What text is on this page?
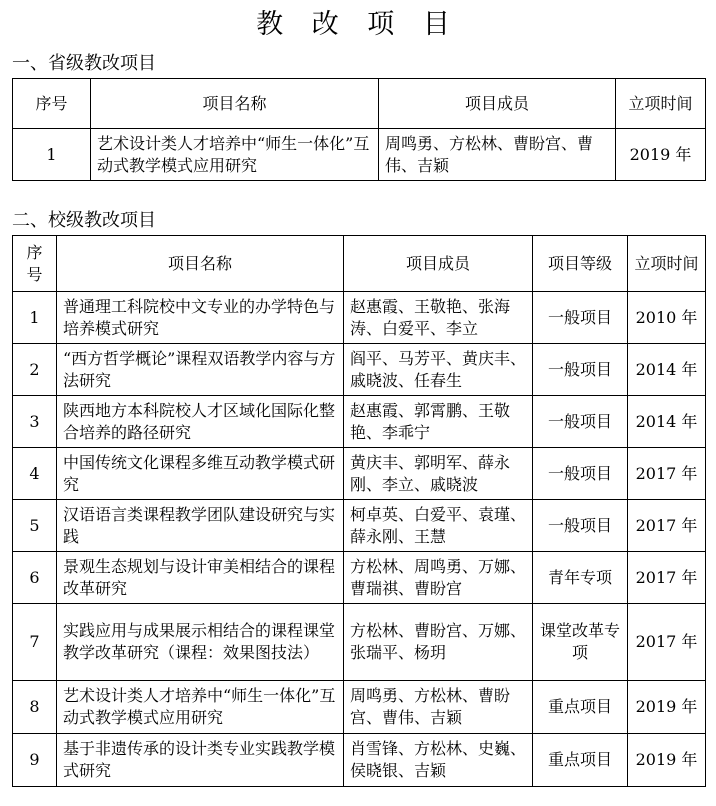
教 改 项 目
一、省级教改项目
序号	项目名称	项目成员	立项时间
1	艺术设计类人才培养中“师生一体化”互动式教学模式应用研究	周鸣勇、方松林、曹盼宫、曹伟、吉颖	2019 年
二、校级教改项目
序号	项目名称	项目成员	项目等级	立项时间
1	普通理工科院校中文专业的办学特色与培养模式研究	赵惠霞、王敬艳、张海涛、白爱平、李立	一般项目	2010 年
2	“西方哲学概论”课程双语教学内容与方法研究	阎平、马芳平、黄庆丰、戚晓波、任春生	一般项目	2014 年
3	陕西地方本科院校人才区域化国际化整合培养的路径研究	赵惠霞、郭霄鹏、王敬艳、李乖宁	一般项目	2014 年
4	中国传统文化课程多维互动教学模式研究	黄庆丰、郭明军、薛永刚、李立、戚晓波	一般项目	2017 年
5	汉语语言类课程教学团队建设研究与实践	柯卓英、白爱平、袁瑾、薛永刚、王慧	一般项目	2017 年
6	景观生态规划与设计审美相结合的课程改革研究	方松林、周鸣勇、万娜、曹瑞祺、曹盼宫	青年专项	2017 年
7	实践应用与成果展示相结合的课程课堂教学改革研究（课程：效果图技法）	方松林、曹盼宫、万娜、张瑞平、杨玥	课堂改革专项	2017 年
8	艺术设计类人才培养中“师生一体化”互动式教学模式应用研究	周鸣勇、方松林、曹盼宫、曹伟、吉颖	重点项目	2019 年
9	基于非遗传承的设计类专业实践教学模式研究	肖雪锋、方松林、史巍、侯晓银、吉颖	重点项目	2019 年
